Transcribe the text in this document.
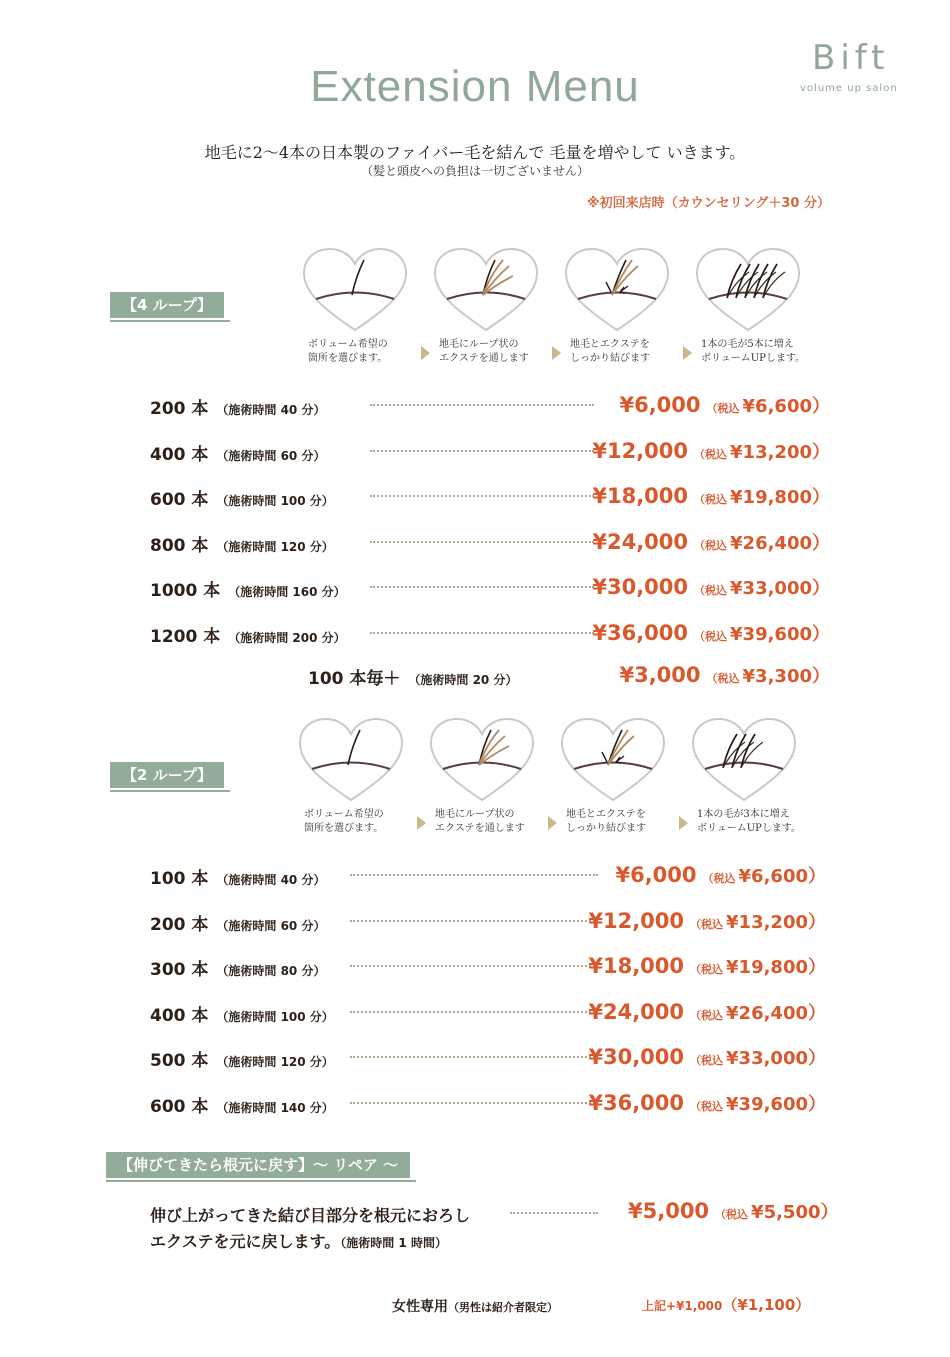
Bift
volume up salon
Extension Menu
地毛に2〜4本の日本製のファイバー毛を結んで 毛量を増やして いきます。
（髪と頭皮への負担は一切ございません）
※初回来店時（カウンセリング＋30 分）
【4 ループ】
ボリューム希望の
箇所を選びます。
地毛にループ状の
エクステを通します
地毛とエクステを
しっかり結びます
1本の毛が5本に増え
ボリュームUPします。
200 本 （施術時間 40 分）	¥6,000 （税込 ¥6,600）
400 本 （施術時間 60 分）	¥12,000 （税込 ¥13,200）
600 本 （施術時間 100 分）	¥18,000 （税込 ¥19,800）
800 本 （施術時間 120 分）	¥24,000 （税込 ¥26,400）
1000 本 （施術時間 160 分）	¥30,000 （税込 ¥33,000）
1200 本 （施術時間 200 分）	¥36,000 （税込 ¥39,600）
100 本毎＋ （施術時間 20 分）	¥3,000 （税込 ¥3,300）
【2 ループ】
ボリューム希望の
箇所を選びます。
地毛にループ状の
エクステを通します
地毛とエクステを
しっかり結びます
1本の毛が3本に増え
ボリュームUPします。
100 本 （施術時間 40 分）	¥6,000 （税込 ¥6,600）
200 本 （施術時間 60 分）	¥12,000 （税込 ¥13,200）
300 本 （施術時間 80 分）	¥18,000 （税込 ¥19,800）
400 本 （施術時間 100 分）	¥24,000 （税込 ¥26,400）
500 本 （施術時間 120 分）	¥30,000 （税込 ¥33,000）
600 本 （施術時間 140 分）	¥36,000 （税込 ¥39,600）
【伸びてきたら根元に戻す】〜 リペア 〜
伸び上がってきた結び目部分を根元におろし
エクステを元に戻します。（施術時間 1 時間）
¥5,000 （税込 ¥5,500）
女性専用（男性は紹介者限定）	上記+¥1,000（¥1,100）
